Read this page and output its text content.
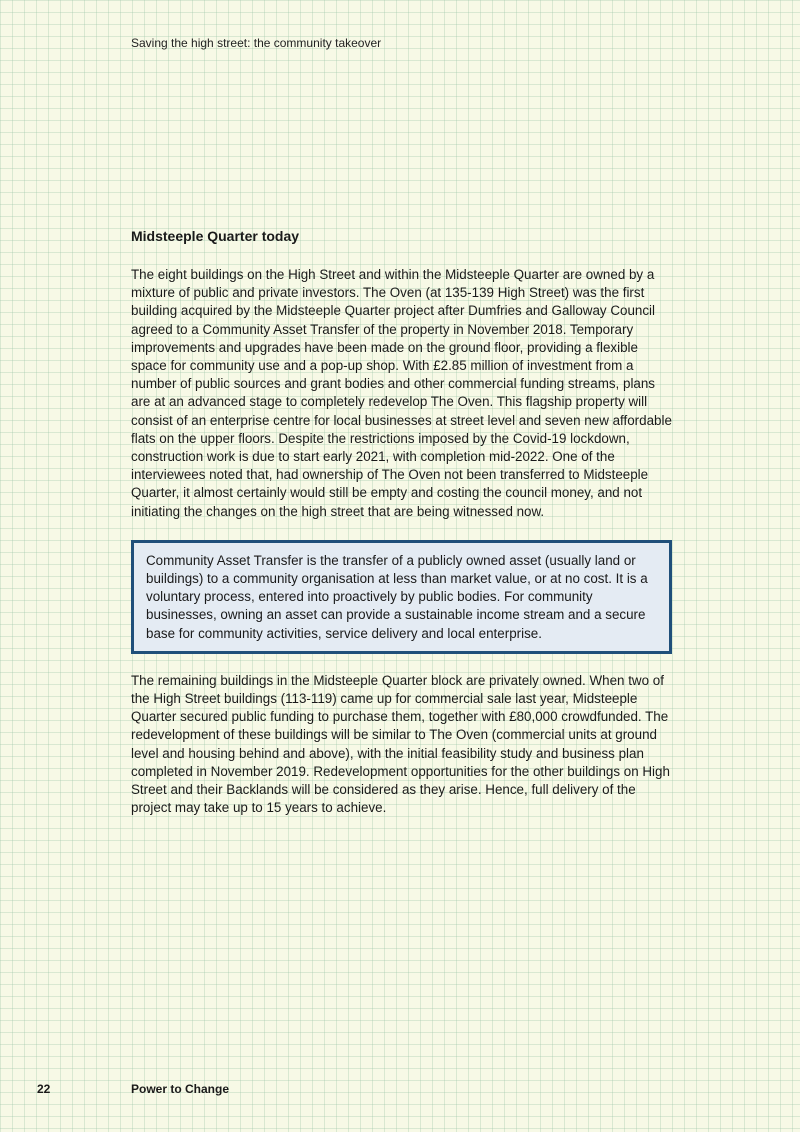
Saving the high street: the community takeover
Midsteeple Quarter today

The eight buildings on the High Street and within the Midsteeple Quarter are owned by a mixture of public and private investors. The Oven (at 135-139 High Street) was the first building acquired by the Midsteeple Quarter project after Dumfries and Galloway Council agreed to a Community Asset Transfer of the property in November 2018. Temporary improvements and upgrades have been made on the ground floor, providing a flexible space for community use and a pop-up shop. With £2.85 million of investment from a number of public sources and grant bodies and other commercial funding streams, plans are at an advanced stage to completely redevelop The Oven. This flagship property will consist of an enterprise centre for local businesses at street level and seven new affordable flats on the upper floors. Despite the restrictions imposed by the Covid-19 lockdown, construction work is due to start early 2021, with completion mid-2022. One of the interviewees noted that, had ownership of The Oven not been transferred to Midsteeple Quarter, it almost certainly would still be empty and costing the council money, and not initiating the changes on the high street that are being witnessed now.

Community Asset Transfer is the transfer of a publicly owned asset (usually land or buildings) to a community organisation at less than market value, or at no cost. It is a voluntary process, entered into proactively by public bodies. For community businesses, owning an asset can provide a sustainable income stream and a secure base for community activities, service delivery and local enterprise.

The remaining buildings in the Midsteeple Quarter block are privately owned. When two of the High Street buildings (113-119) came up for commercial sale last year, Midsteeple Quarter secured public funding to purchase them, together with £80,000 crowdfunded. The redevelopment of these buildings will be similar to The Oven (commercial units at ground level and housing behind and above), with the initial feasibility study and business plan completed in November 2019. Redevelopment opportunities for the other buildings on High Street and their Backlands will be considered as they arise. Hence, full delivery of the project may take up to 15 years to achieve.

22	Power to Change
